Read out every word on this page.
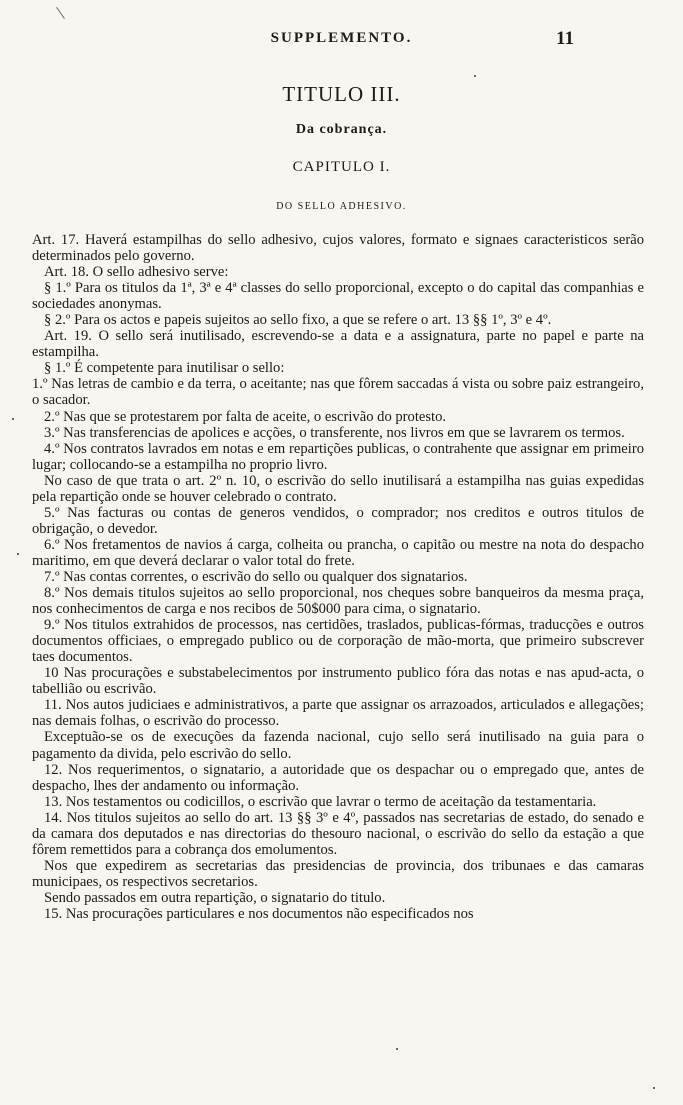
SUPPLEMENTO.	11
TITULO III.
Da cobrança.
CAPITULO I.
DO SELLO ADHESIVO.

Art. 17. Haverá estampilhas do sello adhesivo, cujos valores, formato e signaes caracteristicos serão determinados pelo governo.

Art. 18. O sello adhesivo serve:

§ 1.º Para os titulos da 1ª, 3ª e 4ª classes do sello proporcional, excepto o do capital das companhias e sociedades anonymas.

§ 2.º Para os actos e papeis sujeitos ao sello fixo, a que se refere o art. 13 §§ 1º, 3º e 4º.

Art. 19. O sello será inutilisado, escrevendo-se a data e a assignatura, parte no papel e parte na estampilha.

§ 1.º É competente para inutilisar o sello:

1.º Nas letras de cambio e da terra, o aceitante; nas que fôrem saccadas á vista ou sobre paiz estrangeiro, o sacador.

2.º Nas que se protestarem por falta de aceite, o escrivão do protesto.

3.º Nas transferencias de apolices e acções, o transferente, nos livros em que se lavrarem os termos.

4.º Nos contratos lavrados em notas e em repartições publicas, o contrahente que assignar em primeiro lugar; collocando-se a estampilha no proprio livro.

No caso de que trata o art. 2º n. 10, o escrivão do sello inutilisará a estampilha nas guias expedidas pela repartição onde se houver celebrado o contrato.

5.º Nas facturas ou contas de generos vendidos, o comprador; nos creditos e outros titulos de obrigação, o devedor.

6.º Nos fretamentos de navios á carga, colheita ou prancha, o capitão ou mestre na nota do despacho maritimo, em que deverá declarar o valor total do frete.

7.º Nas contas correntes, o escrivão do sello ou qualquer dos signatarios.

8.º Nos demais titulos sujeitos ao sello proporcional, nos cheques sobre banqueiros da mesma praça, nos conhecimentos de carga e nos recibos de 50$000 para cima, o signatario.

9.º Nos titulos extrahidos de processos, nas certidões, traslados, publicas-fórmas, traducções e outros documentos officiaes, o empregado publico ou de corporação de mão-morta, que primeiro subscrever taes documentos.

10 Nas procurações e substabelecimentos por instrumento publico fóra das notas e nas apud-acta, o tabellião ou escrivão.

11. Nos autos judiciaes e administrativos, a parte que assignar os arrazoados, articulados e allegações; nas demais folhas, o escrivão do processo.

Exceptuão-se os de execuções da fazenda nacional, cujo sello será inutilisado na guia para o pagamento da divida, pelo escrivão do sello.

12. Nos requerimentos, o signatario, a autoridade que os despachar ou o empregado que, antes de despacho, lhes der andamento ou informação.

13. Nos testamentos ou codicillos, o escrivão que lavrar o termo de aceitação da testamentaria.

14. Nos titulos sujeitos ao sello do art. 13 §§ 3º e 4º, passados nas secretarias de estado, do senado e da camara dos deputados e nas directorias do thesouro nacional, o escrivão do sello da estação a que fôrem remettidos para a cobrança dos emolumentos.

Nos que expedirem as secretarias das presidencias de provincia, dos tribunaes e das camaras municipaes, os respectivos secretarios.

Sendo passados em outra repartição, o signatario do titulo.

15. Nas procurações particulares e nos documentos não especificados nos
